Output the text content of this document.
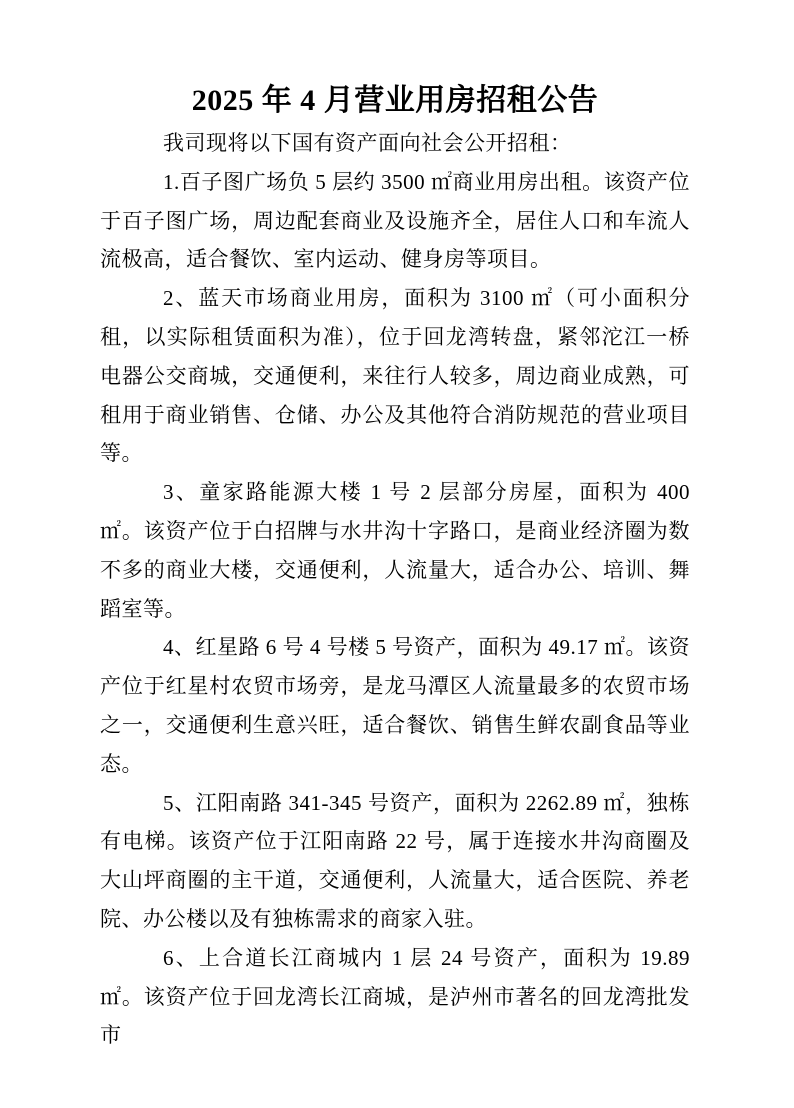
2025 年 4 月营业用房招租公告

我司现将以下国有资产面向社会公开招租：

1.百子图广场负 5 层约 3500 ㎡商业用房出租。该资产位于百子图广场，周边配套商业及设施齐全，居住人口和车流人流极高，适合餐饮、室内运动、健身房等项目。

2、蓝天市场商业用房，面积为 3100 ㎡（可小面积分租，以实际租赁面积为准），位于回龙湾转盘，紧邻沱江一桥电器公交商城，交通便利，来往行人较多，周边商业成熟，可租用于商业销售、仓储、办公及其他符合消防规范的营业项目等。

3、童家路能源大楼 1 号 2 层部分房屋，面积为 400 ㎡。该资产位于白招牌与水井沟十字路口，是商业经济圈为数不多的商业大楼，交通便利，人流量大，适合办公、培训、舞蹈室等。

4、红星路 6 号 4 号楼 5 号资产，面积为 49.17 ㎡。该资产位于红星村农贸市场旁，是龙马潭区人流量最多的农贸市场之一，交通便利生意兴旺，适合餐饮、销售生鲜农副食品等业态。

5、江阳南路 341-345 号资产，面积为 2262.89 ㎡，独栋有电梯。该资产位于江阳南路 22 号，属于连接水井沟商圈及大山坪商圈的主干道，交通便利，人流量大，适合医院、养老院、办公楼以及有独栋需求的商家入驻。

6、上合道长江商城内 1 层 24 号资产，面积为 19.89 ㎡。该资产位于回龙湾长江商城，是泸州市著名的回龙湾批发市
